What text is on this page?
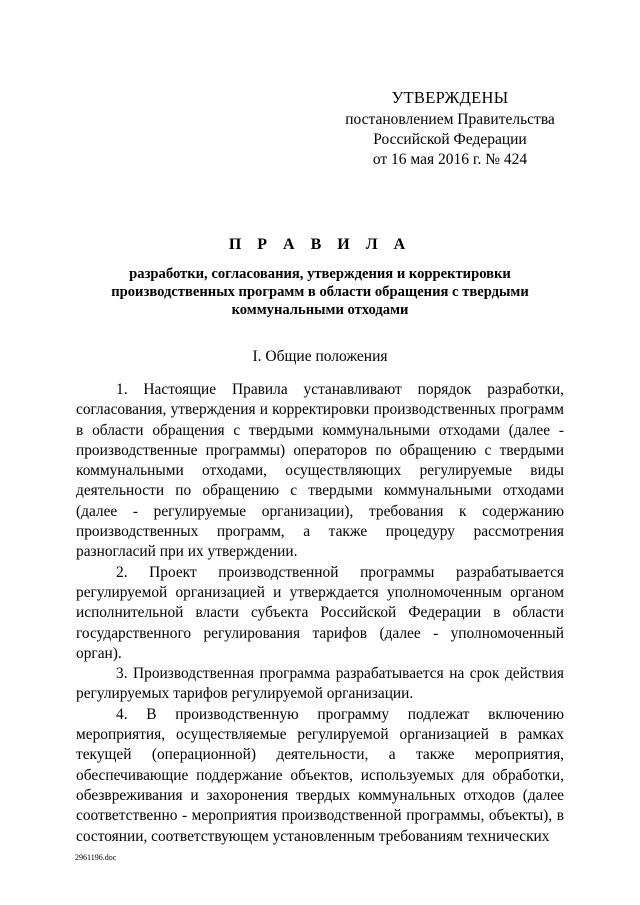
УТВЕРЖДЕНЫ
постановлением Правительства
Российской Федерации
от 16 мая 2016 г. № 424
П Р А В И Л А
разработки, согласования, утверждения и корректировки производственных программ в области обращения с твердыми коммунальными отходами
I. Общие положения

1. Настоящие Правила устанавливают порядок разработки, согласования, утверждения и корректировки производственных программ в области обращения с твердыми коммунальными отходами (далее - производственные программы) операторов по обращению с твердыми коммунальными отходами, осуществляющих регулируемые виды деятельности по обращению с твердыми коммунальными отходами (далее - регулируемые организации), требования к содержанию производственных программ, а также процедуру рассмотрения разногласий при их утверждении.

2. Проект производственной программы разрабатывается регулируемой организацией и утверждается уполномоченным органом исполнительной власти субъекта Российской Федерации в области государственного регулирования тарифов (далее - уполномоченный орган).

3. Производственная программа разрабатывается на срок действия регулируемых тарифов регулируемой организации.

4. В производственную программу подлежат включению мероприятия, осуществляемые регулируемой организацией в рамках текущей (операционной) деятельности, а также мероприятия, обеспечивающие поддержание объектов, используемых для обработки, обезвреживания и захоронения твердых коммунальных отходов (далее соответственно - мероприятия производственной программы, объекты), в состоянии, соответствующем установленным требованиям технических

2961196.doc
